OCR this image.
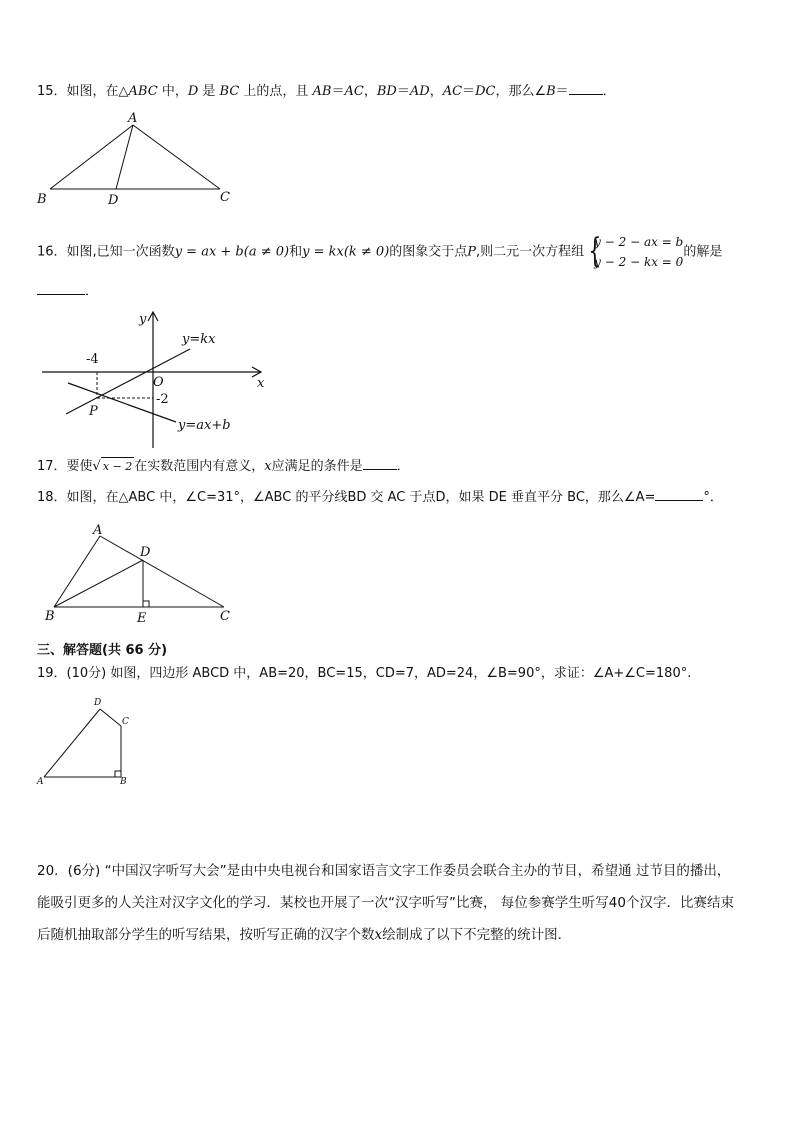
15．如图，在△ABC 中，D 是 BC 上的点，且 AB＝AC，BD＝AD，AC＝DC，那么∠B＝	．
A
B	C
D
16．如图,已知一次函数y = ax + b(a ≠ 0)和y = kx(k ≠ 0)的图象交于点P,则二元一次方程组 {
y − 2 − ax = b
y − 2 − kx = 0
的解是
．
y
x
O
P
-4
-2
y=kx
y=ax+b
17．要使√ x − 2 在实数范围内有意义，x应满足的条件是	．
18．如图，在△ABC 中，∠C=31°，∠ABC 的平分线BD 交 AC 于点D，如果 DE 垂直平分 BC，那么∠A=	°．
A
B	C
D
E
三、解答题(共 66 分)
19．(10分) 如图，四边形 ABCD 中，AB=20，BC=15，CD=7，AD=24，∠B=90°，求证：∠A+∠C=180°.
A	B
C
D
20．(6分) “中国汉字听写大会”是由中央电视台和国家语言文字工作委员会联合主办的节目，希望通 过节目的播出，
能吸引更多的人关注对汉字文化的学习．某校也开展了一次“汉字听写”比赛， 每位参赛学生听写40个汉字．比赛结束
后随机抽取部分学生的听写结果，按听写正确的汉字个数x绘制成了以下不完整的统计图．
